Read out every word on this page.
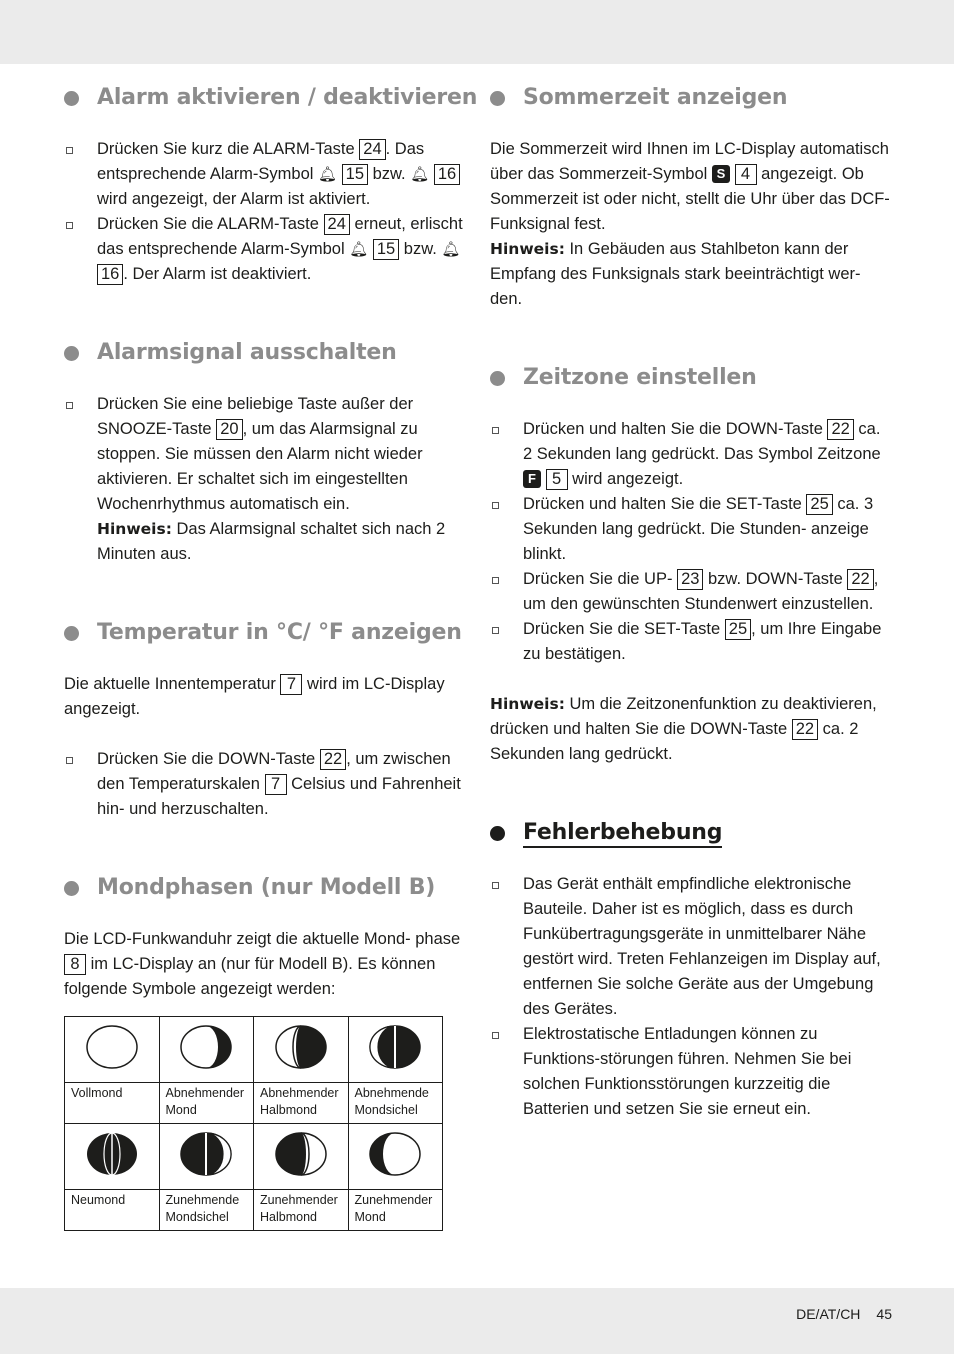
Alarm aktivieren / deaktivieren
Drücken Sie kurz die ALARM-Taste 24 . Das entsprechende Alarm-Symbol 🔔︎ 15 bzw. 🔔︎ 16 wird angezeigt, der Alarm ist aktiviert.
Drücken Sie die ALARM-Taste 24 erneut, erlischt das entsprechende Alarm-Symbol 🔔︎ 15 bzw. 🔔︎ 16 . Der Alarm ist deaktiviert.
Alarmsignal ausschalten
Drücken Sie eine beliebige Taste außer der SNOOZE-Taste 20 , um das Alarmsignal zu stoppen. Sie müssen den Alarm nicht wieder aktivieren. Er schaltet sich im eingestellten Wochenrhythmus automatisch ein.
Hinweis: Das Alarmsignal schaltet sich nach 2 Minuten aus.
Temperatur in °C/ °F anzeigen

Die aktuelle Innentemperatur 7 wird im LC-Display angezeigt.

Drücken Sie die DOWN-Taste 22 , um zwischen den Temperaturskalen 7 Celsius und Fahrenheit hin- und herzuschalten.
Mondphasen (nur Modell B)

Die LCD-Funkwanduhr zeigt die aktuelle Mond- phase 8 im LC-Display an (nur für Modell B). Es können folgende Symbole angezeigt werden:

Vollmond	Abnehmender Mond	Abnehmender Halbmond	Abnehmende Mondsichel

Neumond	Zunehmende Mondsichel	Zunehmender Halbmond	Zunehmender Mond
Sommerzeit anzeigen

Die Sommerzeit wird Ihnen im LC-Display automatisch über das Sommerzeit-Symbol S 4 angezeigt. Ob Sommerzeit ist oder nicht, stellt die Uhr über das DCF-Funksignal fest.
Hinweis: In Gebäuden aus Stahlbeton kann der Empfang des Funksignals stark beeinträchtigt wer- den.

Zeitzone einstellen
Drücken und halten Sie die DOWN-Taste 22 ca. 2 Sekunden lang gedrückt. Das Symbol Zeitzone F 5 wird angezeigt.
Drücken und halten Sie die SET-Taste 25 ca. 3 Sekunden lang gedrückt. Die Stunden- anzeige blinkt.
Drücken Sie die UP- 23 bzw. DOWN-Taste 22 , um den gewünschten Stundenwert einzustellen.
Drücken Sie die SET-Taste 25 , um Ihre Eingabe zu bestätigen.

Hinweis: Um die Zeitzonenfunktion zu deaktivieren, drücken und halten Sie die DOWN-Taste 22 ca. 2 Sekunden lang gedrückt.

Fehlerbehebung
Das Gerät enthält empfindliche elektronische Bauteile. Daher ist es möglich, dass es durch Funkübertragungsgeräte in unmittelbarer Nähe gestört wird. Treten Fehlanzeigen im Display auf, entfernen Sie solche Geräte aus der Umgebung des Gerätes.
Elektrostatische Entladungen können zu Funktions-störungen führen. Nehmen Sie bei solchen Funktionsstörungen kurzzeitig die Batterien und setzen Sie sie erneut ein.
DE/AT/CH 45
